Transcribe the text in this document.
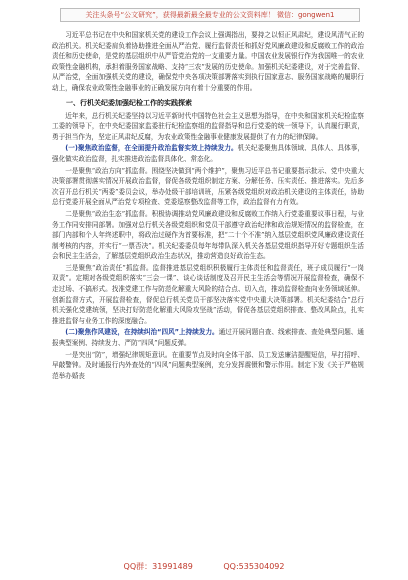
关注头条号“公文研究”，获得最新最全最专业的公文资料库！ 微信：gongwen1

习近平总书记在中央和国家机关党的建设工作会议上强调指出，要持之以恒正风肃纪，建设风清气正的政治机关。机关纪委肩负着协助推进全面从严治党、履行监督责任和抓好党风廉政建设和反腐败工作的政治责任和历史使命，是党的基层组织中从严管党治党的一支重要力量。中国农业发展银行作为我国唯一的农业政策性金融机构，承担着服务国家战略、支持“三农”发展的历史使命。加强机关纪委建设，对于完善监督、从严治党，全面加强机关党的建设，确保党中央各项决策部署落实到执行国家意志、服务国家战略的履职行动上，确保农业政策性金融事业的正确发展方向有着十分重要的作用。

一、行机关纪委加强纪检工作的实践探索

近年来，总行机关纪委坚持以习近平新时代中国特色社会主义思想为指导，在中央和国家机关纪检监察工委的领导下，在中央纪委国家监委驻行纪检监察组的监督指导和总行党委的统一领导下，认真履行职责，勇于担当作为，坚定正风肃纪反腐，为农业政策性金融事业健康发展提供了有力的纪律保障。

(一)聚焦政治监督，在全面提升政治监督实效上持续发力。机关纪委聚焦具体领域、具体人、具体事，强化做实政治监督，扎实推进政治监督具体化、常态化。

一是聚焦“政治方向”抓监督。围绕坚决做到“两个维护”，聚焦习近平总书记重要指示批示、党中央重大决策部署贯彻落实情况开展政治监督，督促各级党组织制定方案、分解任务、压实责任、推进落实。先后多次召开总行机关“两委”委员会议，举办处级干部培训班，压紧各级党组织对政治机关建设的主体责任，协助总行党委开展全面从严治党专项检查、党委巡察整改监督等工作，政治监督有力有效。

二是聚焦“政治生态”抓监督。积极协调推动党风廉政建设和反腐败工作纳入行党委重要议事日程，与业务工作同安排同部署。加强对总行机关各级党组织和党员干部遵守政治纪律和政治规矩情况的监督检查，在部门内部和个人年终述职中，将政治过硬作为首要标准，把“二十个不准”纳入基层党组织党风廉政建设责任制考核的内容，并实行“一票否决”。机关纪委委员每年每带队深入机关各基层党组织指导开好专题组织生活会和民主生活会，了解基层党组织政治生态状况，推动营造良好政治生态。

三是聚焦“政治责任”抓监督。监督推进基层党组织积极履行主体责任和监督责任，班子成员履行“一岗双责”。定期对各级党组织落实“三会一课”、谈心谈话制度及召开民主生活会等情况开展监督检查，确保不走过场、不搞形式。找准党建工作与防范化解重大风险的结合点、切入点，推动监督检查向业务领域延伸。创新监督方式，开展监督检查，督促总行机关党员干部坚决落实党中央重大决策部署。机关纪委结合“总行机关强化党建统领，坚决打好防范化解重大风险攻坚战”活动，督促各基层党组织排查、整改风险点，扎实推进监督与业务工作的深度融合。

(二)聚焦作风建设，在持续纠治“四风”上持续发力。通过开展问题自查、线索排查、查处典型问题、通报典型案例、持续发力、严防“四风”问题反弹。

一是突出“防”，增强纪律规矩意识。在重要节点及时向全体干部、员工发送廉洁提醒短信，早打招呼、早敲警钟。及时通报行内外查处的“四风”问题典型案例，充分发挥震慑和警示作用。制定下发《关于严格规范举办婚丧

QQ群：31991489	QQ:535304092
